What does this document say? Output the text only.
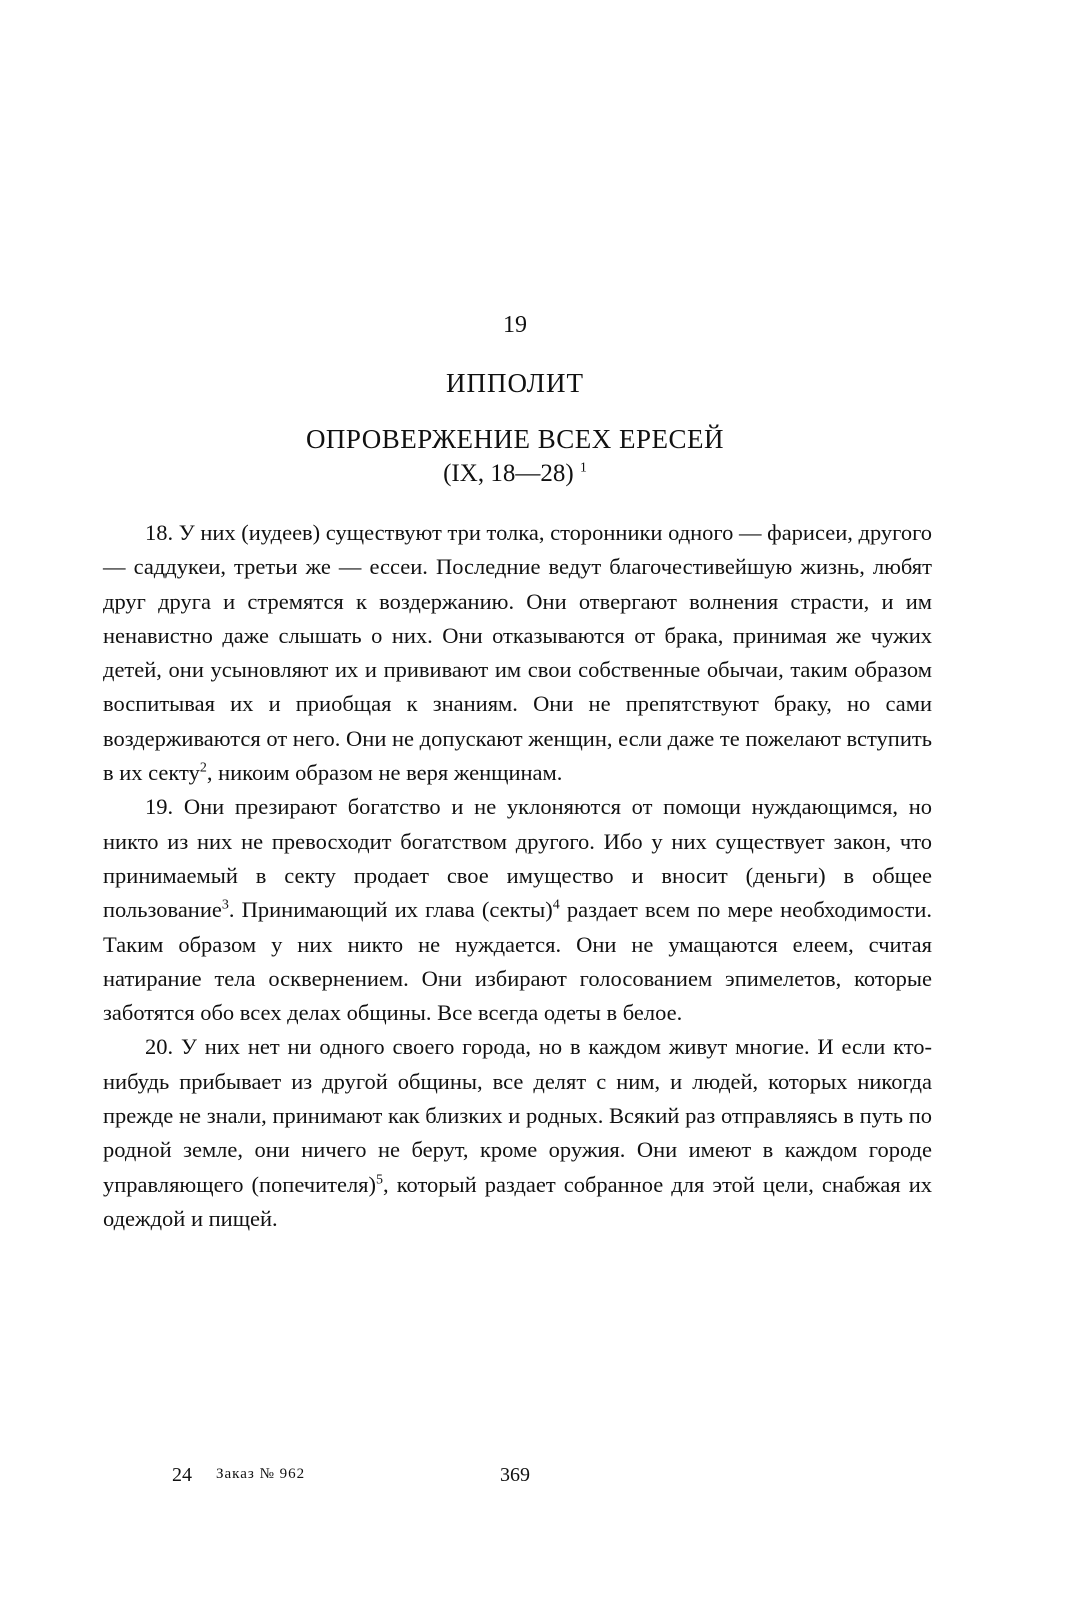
19
ИППОЛИТ
ОПРОВЕРЖЕНИЕ ВСЕХ ЕРЕСЕЙ
(IX, 18—28) $^1$

18. У них (иудеев) существуют три толка, сторонники одного — фарисеи, другого — саддукеи, третьи же — ессеи. Последние ведут благочестивейшую жизнь, любят друг друга и стремятся к воздержанию. Они отвергают волнения страсти, и им ненавистно даже слышать о них. Они отказываются от брака, принимая же чужих детей, они усыновляют их и прививают им свои собственные обычаи, таким образом воспитывая их и приобщая к знаниям. Они не препятствуют браку, но сами воздерживаются от него. Они не допускают женщин, если даже те пожелают вступить в их секту$^2$, никоим образом не веря женщинам.

19. Они презирают богатство и не уклоняются от помощи нуждающимся, но никто из них не превосходит богатством другого. Ибо у них существует закон, что принимаемый в секту продает свое имущество и вносит (деньги) в общее пользование$^3$. Принимающий их глава (секты)$^4$ раздает всем по мере необходимости. Таким образом у них никто не нуждается. Они не умащаются елеем, считая натирание тела осквернением. Они избирают голосованием эпимелетов, которые заботятся обо всех делах общины. Все всегда одеты в белое.

20. У них нет ни одного своего города, но в каждом живут многие. И если кто-нибудь прибывает из другой общины, все делят с ним, и людей, которых никогда прежде не знали, принимают как близких и родных. Всякий раз отправляясь в путь по родной земле, они ничего не берут, кроме оружия. Они имеют в каждом городе управляющего (попечителя)$^5$, который раздает собранное для этой цели, снабжая их одеждой и пищей.

24 Заказ № 962	369
